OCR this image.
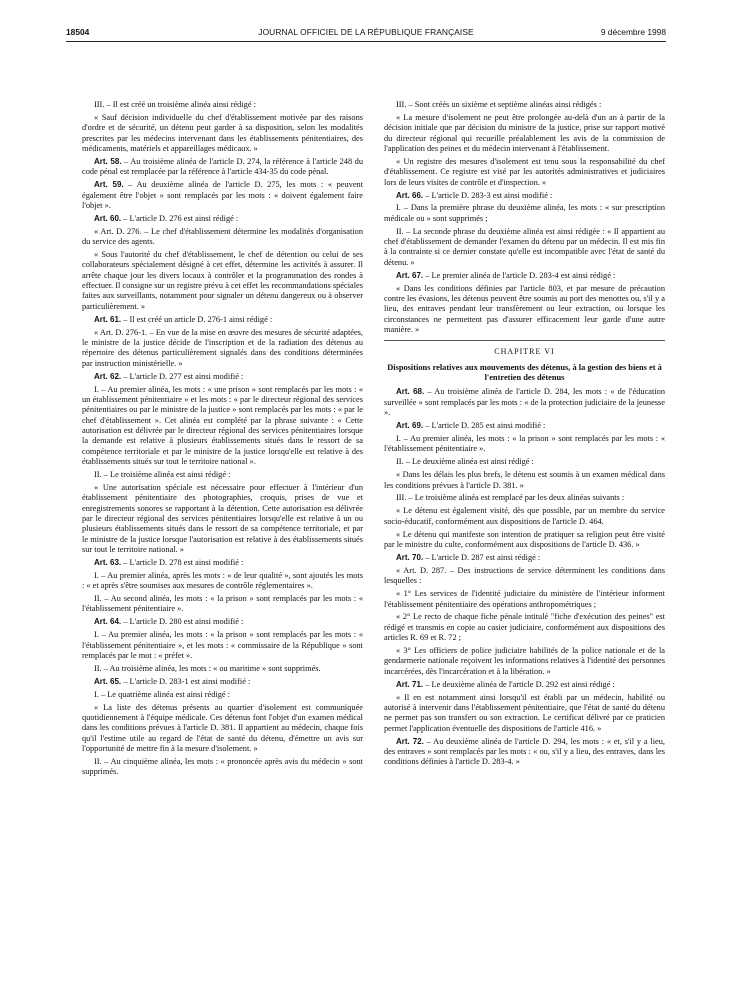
18504	JOURNAL OFFICIEL DE LA RÉPUBLIQUE FRANÇAISE	9 décembre 1998

III. – Il est créé un troisième alinéa ainsi rédigé :

« Sauf décision individuelle du chef d'établissement motivée par des raisons d'ordre et de sécurité, un détenu peut garder à sa disposition, selon les modalités prescrites par les médecins intervenant dans les établissements pénitentiaires, des médicaments, matériels et appareillages médicaux. »

Art. 58. – Au troisième alinéa de l'article D. 274, la référence à l'article 248 du code pénal est remplacée par la référence à l'article 434-35 du code pénal.

Art. 59. – Au deuxième alinéa de l'article D. 275, les mots : « peuvent également être l'objet » sont remplacés par les mots : « doivent également faire l'objet ».

Art. 60. – L'article D. 276 est ainsi rédigé :

« Art. D. 276. – Le chef d'établissement détermine les modalités d'organisation du service des agents.

« Sous l'autorité du chef d'établissement, le chef de détention ou celui de ses collaborateurs spécialement désigné à cet effet, détermine les activités à assurer. Il arrête chaque jour les divers locaux à contrôler et la programmation des rondes à effectuer. Il consigne sur un registre prévu à cet effet les recommandations spéciales faites aux surveillants, notamment pour signaler un détenu dangereux ou à observer particulièrement. »

Art. 61. – Il est créé un article D. 276-1 ainsi rédigé :

« Art. D. 276-1. – En vue de la mise en œuvre des mesures de sécurité adaptées, le ministre de la justice décide de l'inscription et de la radiation des détenus au répertoire des détenus particulièrement signalés dans des conditions déterminées par instruction ministérielle. »

Art. 62. – L'article D. 277 est ainsi modifié :

I. – Au premier alinéa, les mots : « une prison » sont remplacés par les mots : « un établissement pénitentiaire » et les mots : « par le directeur régional des services pénitentiaires ou par le ministre de la justice » sont remplacés par les mots : « par le chef d'établissement ». Cet alinéa est complété par la phrase suivante : « Cette autorisation est délivrée par le directeur régional des services pénitentiaires lorsque la demande est relative à plusieurs établissements situés dans le ressort de sa compétence territoriale et par le ministre de la justice lorsqu'elle est relative à des établissements situés sur tout le territoire national ».

II. – Le troisième alinéa est ainsi rédigé :

« Une autorisation spéciale est nécessaire pour effectuer à l'intérieur d'un établissement pénitentiaire des photographies, croquis, prises de vue et enregistrements sonores se rapportant à la détention. Cette autorisation est délivrée par le directeur régional des services pénitentiaires lorsqu'elle est relative à un ou plusieurs établissements situés dans le ressort de sa compétence territoriale, et par le ministre de la justice lorsque l'autorisation est relative à des établissements situés sur tout le territoire national. »

Art. 63. – L'article D. 278 est ainsi modifié :

I. – Au premier alinéa, après les mots : « de leur qualité », sont ajoutés les mots : « et après s'être soumises aux mesures de contrôle réglementaires ».

II. – Au second alinéa, les mots : « la prison » sont remplacés par les mots : « l'établissement pénitentiaire ».

Art. 64. – L'article D. 280 est ainsi modifié :

I. – Au premier alinéa, les mots : « la prison » sont remplacés par les mots : « l'établissement pénitentiaire », et les mots : « commissaire de la République » sont remplacés par le mot : « préfet ».

II. – Au troisième alinéa, les mots : « ou maritime » sont supprimés.

Art. 65. – L'article D. 283-1 est ainsi modifié :

I. – Le quatrième alinéa est ainsi rédigé :

« La liste des détenus présents au quartier d'isolement est communiquée quotidiennement à l'équipe médicale. Ces détenus font l'objet d'un examen médical dans les conditions prévues à l'article D. 381. Il appartient au médecin, chaque fois qu'il l'estime utile au regard de l'état de santé du détenu, d'émettre un avis sur l'opportunité de mettre fin à la mesure d'isolement. »

II. – Au cinquième alinéa, les mots : « prononcée après avis du médecin » sont supprimés.

III. – Sont créés un sixième et septième alinéas ainsi rédigés :

« La mesure d'isolement ne peut être prolongée au-delà d'un an à partir de la décision initiale que par décision du ministre de la justice, prise sur rapport motivé du directeur régional qui recueille préalablement les avis de la commission de l'application des peines et du médecin intervenant à l'établissement.

« Un registre des mesures d'isolement est tenu sous la responsabilité du chef d'établissement. Ce registre est visé par les autorités administratives et judiciaires lors de leurs visites de contrôle et d'inspection. »

Art. 66. – L'article D. 283-3 est ainsi modifié :

I. – Dans la première phrase du deuxième alinéa, les mots : « sur prescription médicale ou » sont supprimés ;

II. – La seconde phrase du deuxième alinéa est ainsi rédigée : « Il appartient au chef d'établissement de demander l'examen du détenu par un médecin. Il est mis fin à la contrainte si ce dernier constate qu'elle est incompatible avec l'état de santé du détenu. »

Art. 67. – Le premier alinéa de l'article D. 283-4 est ainsi rédigé :

« Dans les conditions définies par l'article 803, et par mesure de précaution contre les évasions, les détenus peuvent être soumis au port des menottes ou, s'il y a lieu, des entraves pendant leur transfèrement ou leur extraction, ou lorsque les circonstances ne permettent pas d'assurer efficacement leur garde d'une autre manière. »

CHAPITRE VI

Dispositions relatives aux mouvements des détenus, à la gestion des biens et à l'entretien des détenus

Art. 68. – Au troisième alinéa de l'article D. 284, les mots : « de l'éducation surveillée » sont remplacés par les mots : « de la protection judiciaire de la jeunesse ».

Art. 69. – L'article D. 285 est ainsi modifié :

I. – Au premier alinéa, les mots : « la prison » sont remplacés par les mots : « l'établissement pénitentiaire ».

II. – Le deuxième alinéa est ainsi rédigé :

« Dans les délais les plus brefs, le détenu est soumis à un examen médical dans les conditions prévues à l'article D. 381. »

III. – Le troisième alinéa est remplacé par les deux alinéas suivants :

« Le détenu est également visité, dès que possible, par un membre du service socio-éducatif, conformément aux dispositions de l'article D. 464.

« Le détenu qui manifeste son intention de pratiquer sa religion peut être visité par le ministre du culte, conformément aux dispositions de l'article D. 436. »

Art. 70. – L'article D. 287 est ainsi rédigé :

« Art. D. 287. – Des instructions de service déterminent les conditions dans lesquelles :

« 1° Les services de l'identité judiciaire du ministère de l'intérieur informent l'établissement pénitentiaire des opérations anthropométriques ;

« 2° Le recto de chaque fiche pénale intitulé "fiche d'exécution des peines" est rédigé et transmis en copie au casier judiciaire, conformément aux dispositions des articles R. 69 et R. 72 ;

« 3° Les officiers de police judiciaire habilités de la police nationale et de la gendarmerie nationale reçoivent les informations relatives à l'identité des personnes incarcérées, dès l'incarcération et à la libération. »

Art. 71. – Le deuxième alinéa de l'article D. 292 est ainsi rédigé :

« Il en est notamment ainsi lorsqu'il est établi par un médecin, habilité ou autorisé à intervenir dans l'établissement pénitentiaire, que l'état de santé du détenu ne permet pas son transfert ou son extraction. Le certificat délivré par ce praticien permet l'application éventuelle des dispositions de l'article 416. »

Art. 72. – Au deuxième alinéa de l'article D. 294, les mots : « et, s'il y a lieu, des entraves » sont remplacés par les mots : « ou, s'il y a lieu, des entraves, dans les conditions définies à l'article D. 283-4. »
